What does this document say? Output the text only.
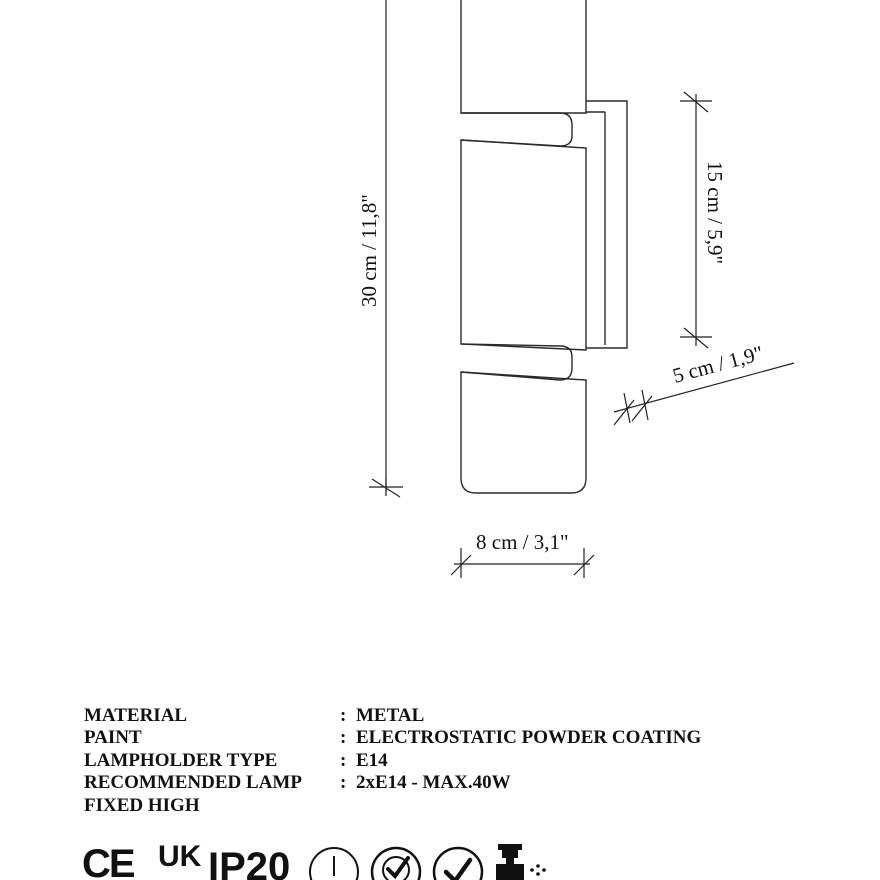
30 cm / 11,8"
8 cm / 3,1"
15 cm / 5,9"
5 cm / 1,9"
MATERIAL	: METAL
PAINT	: ELECTROSTATIC POWDER COATING
LAMPHOLDER TYPE	: E14
RECOMMENDED LAMP : 2xE14 - MAX.40W
FIXED HIGH
CE UK IP20
